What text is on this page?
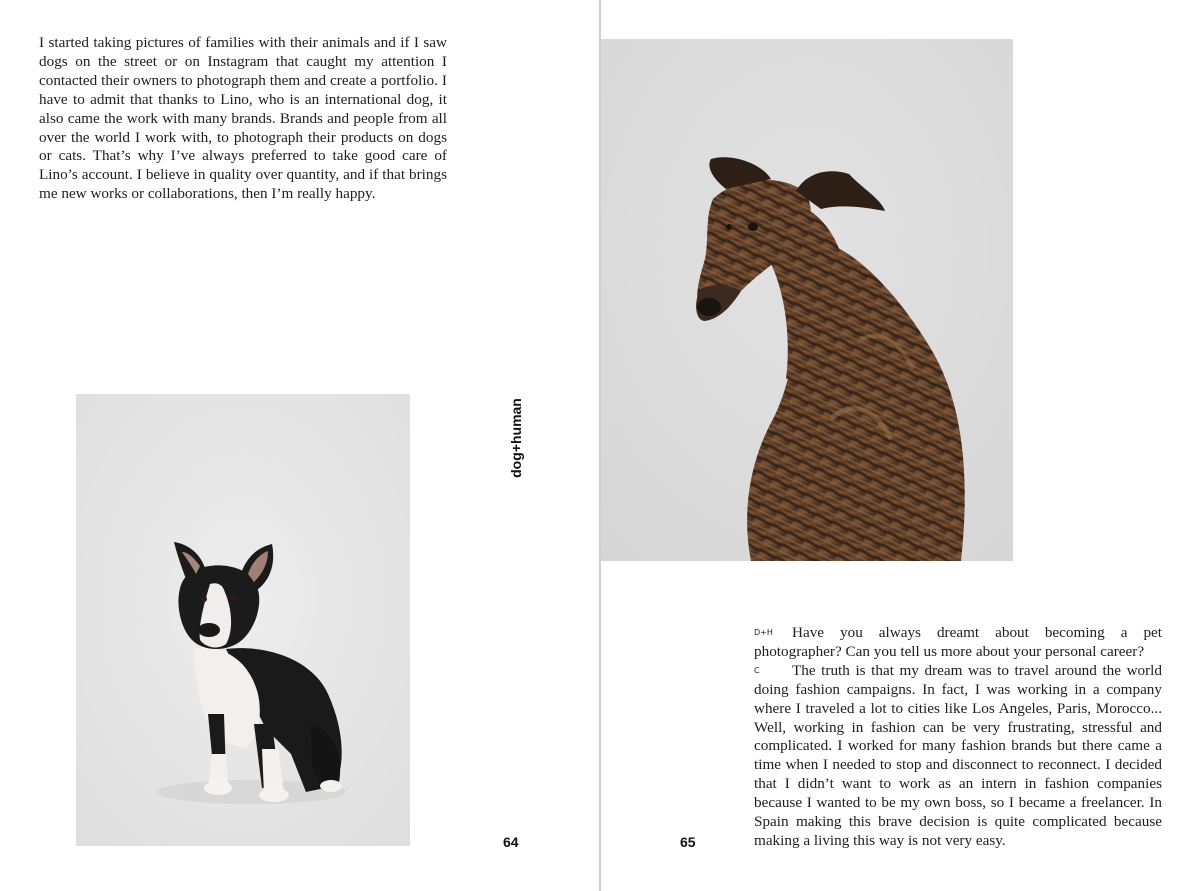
I started taking pictures of families with their animals and if I saw dogs on the street or on Instagram that caught my attention I contacted their owners to photograph them and create a portfolio. I have to admit that thanks to Lino, who is an international dog, it also came the work with many brands. Brands and people from all over the world I work with, to photograph their products on dogs or cats. That’s why I’ve always preferred to take good care of Lino’s account. I believe in quality over quantity, and if that brings me new works or collaborations, then I’m really happy.

dog+human
64

D+H Have you always dreamt about becoming a pet photographer? Can you tell us more about your personal career?

C The truth is that my dream was to travel around the world doing fashion campaigns. In fact, I was working in a company where I traveled a lot to cities like Los Angeles, Paris, Morocco... Well, working in fashion can be very frustrating, stressful and complicated. I worked for many fashion brands but there came a time when I needed to stop and disconnect to reconnect. I decided that I didn’t want to work as an intern in fashion companies because I wanted to be my own boss, so I became a freelancer. In Spain making this brave decision is quite complicated because making a living this way is not very easy.

65
